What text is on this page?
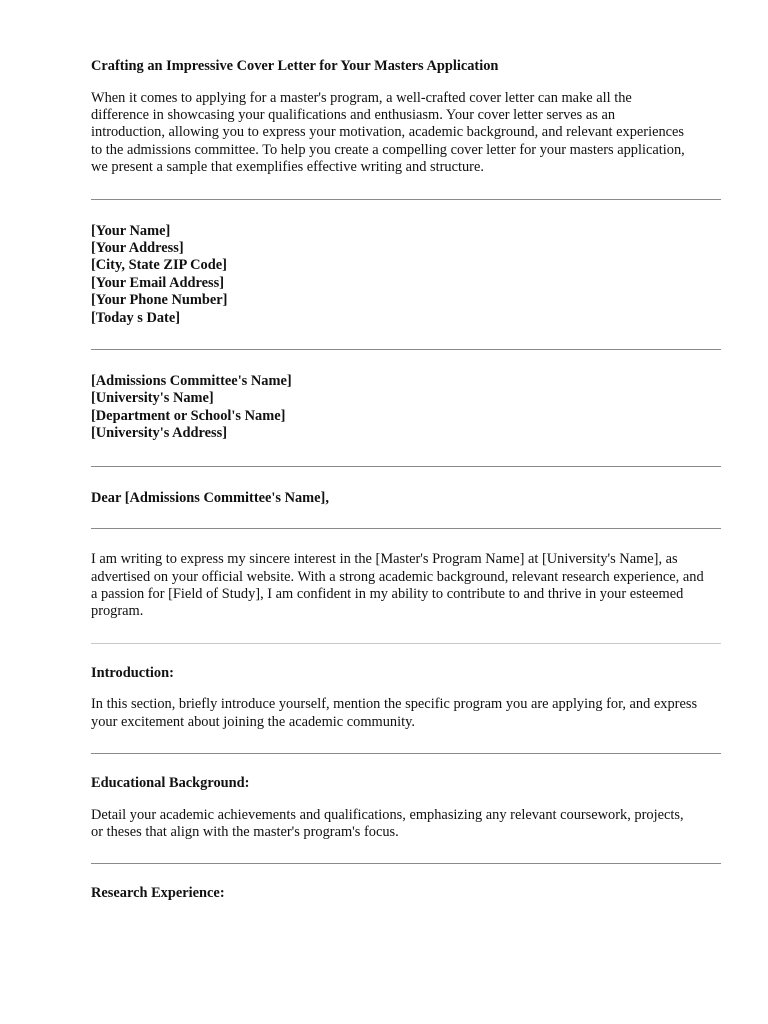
Crafting an Impressive Cover Letter for Your Masters Application

When it comes to applying for a master's program, a well-crafted cover letter can make all the difference in showcasing your qualifications and enthusiasm. Your cover letter serves as an introduction, allowing you to express your motivation, academic background, and relevant experiences to the admissions committee. To help you create a compelling cover letter for your masters application, we present a sample that exemplifies effective writing and structure.

[Your Name]
[Your Address]
[City, State ZIP Code]
[Your Email Address]
[Your Phone Number]
[Today s Date]
[Admissions Committee's Name]
[University's Name]
[Department or School's Name]
[University's Address]
Dear [Admissions Committee's Name],

I am writing to express my sincere interest in the [Master's Program Name] at [University's Name], as advertised on your official website. With a strong academic background, relevant research experience, and a passion for [Field of Study], I am confident in my ability to contribute to and thrive in your esteemed program.

Introduction:

In this section, briefly introduce yourself, mention the specific program you are applying for, and express your excitement about joining the academic community.

Educational Background:

Detail your academic achievements and qualifications, emphasizing any relevant coursework, projects, or theses that align with the master's program's focus.

Research Experience:
